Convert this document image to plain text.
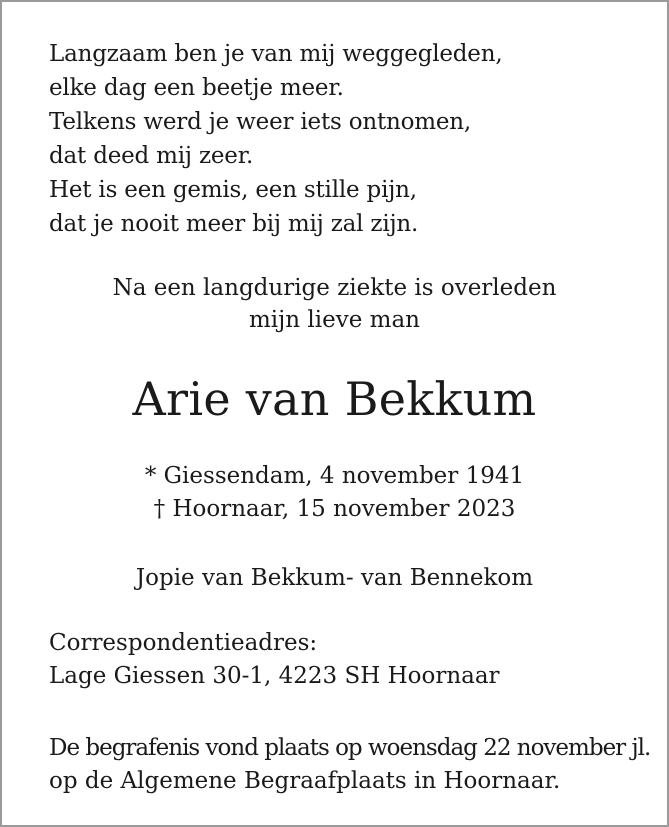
Langzaam ben je van mij weggegleden,
elke dag een beetje meer.
Telkens werd je weer iets ontnomen,
dat deed mij zeer.
Het is een gemis, een stille pijn,
dat je nooit meer bij mij zal zijn.
Na een langdurige ziekte is overleden
mijn lieve man
Arie van Bekkum
* Giessendam, 4 november 1941
† Hoornaar, 15 november 2023
Jopie van Bekkum- van Bennekom
Correspondentieadres:
Lage Giessen 30-1, 4223 SH Hoornaar
De begrafenis vond plaats op woensdag 22 november jl.
op de Algemene Begraafplaats in Hoornaar.
